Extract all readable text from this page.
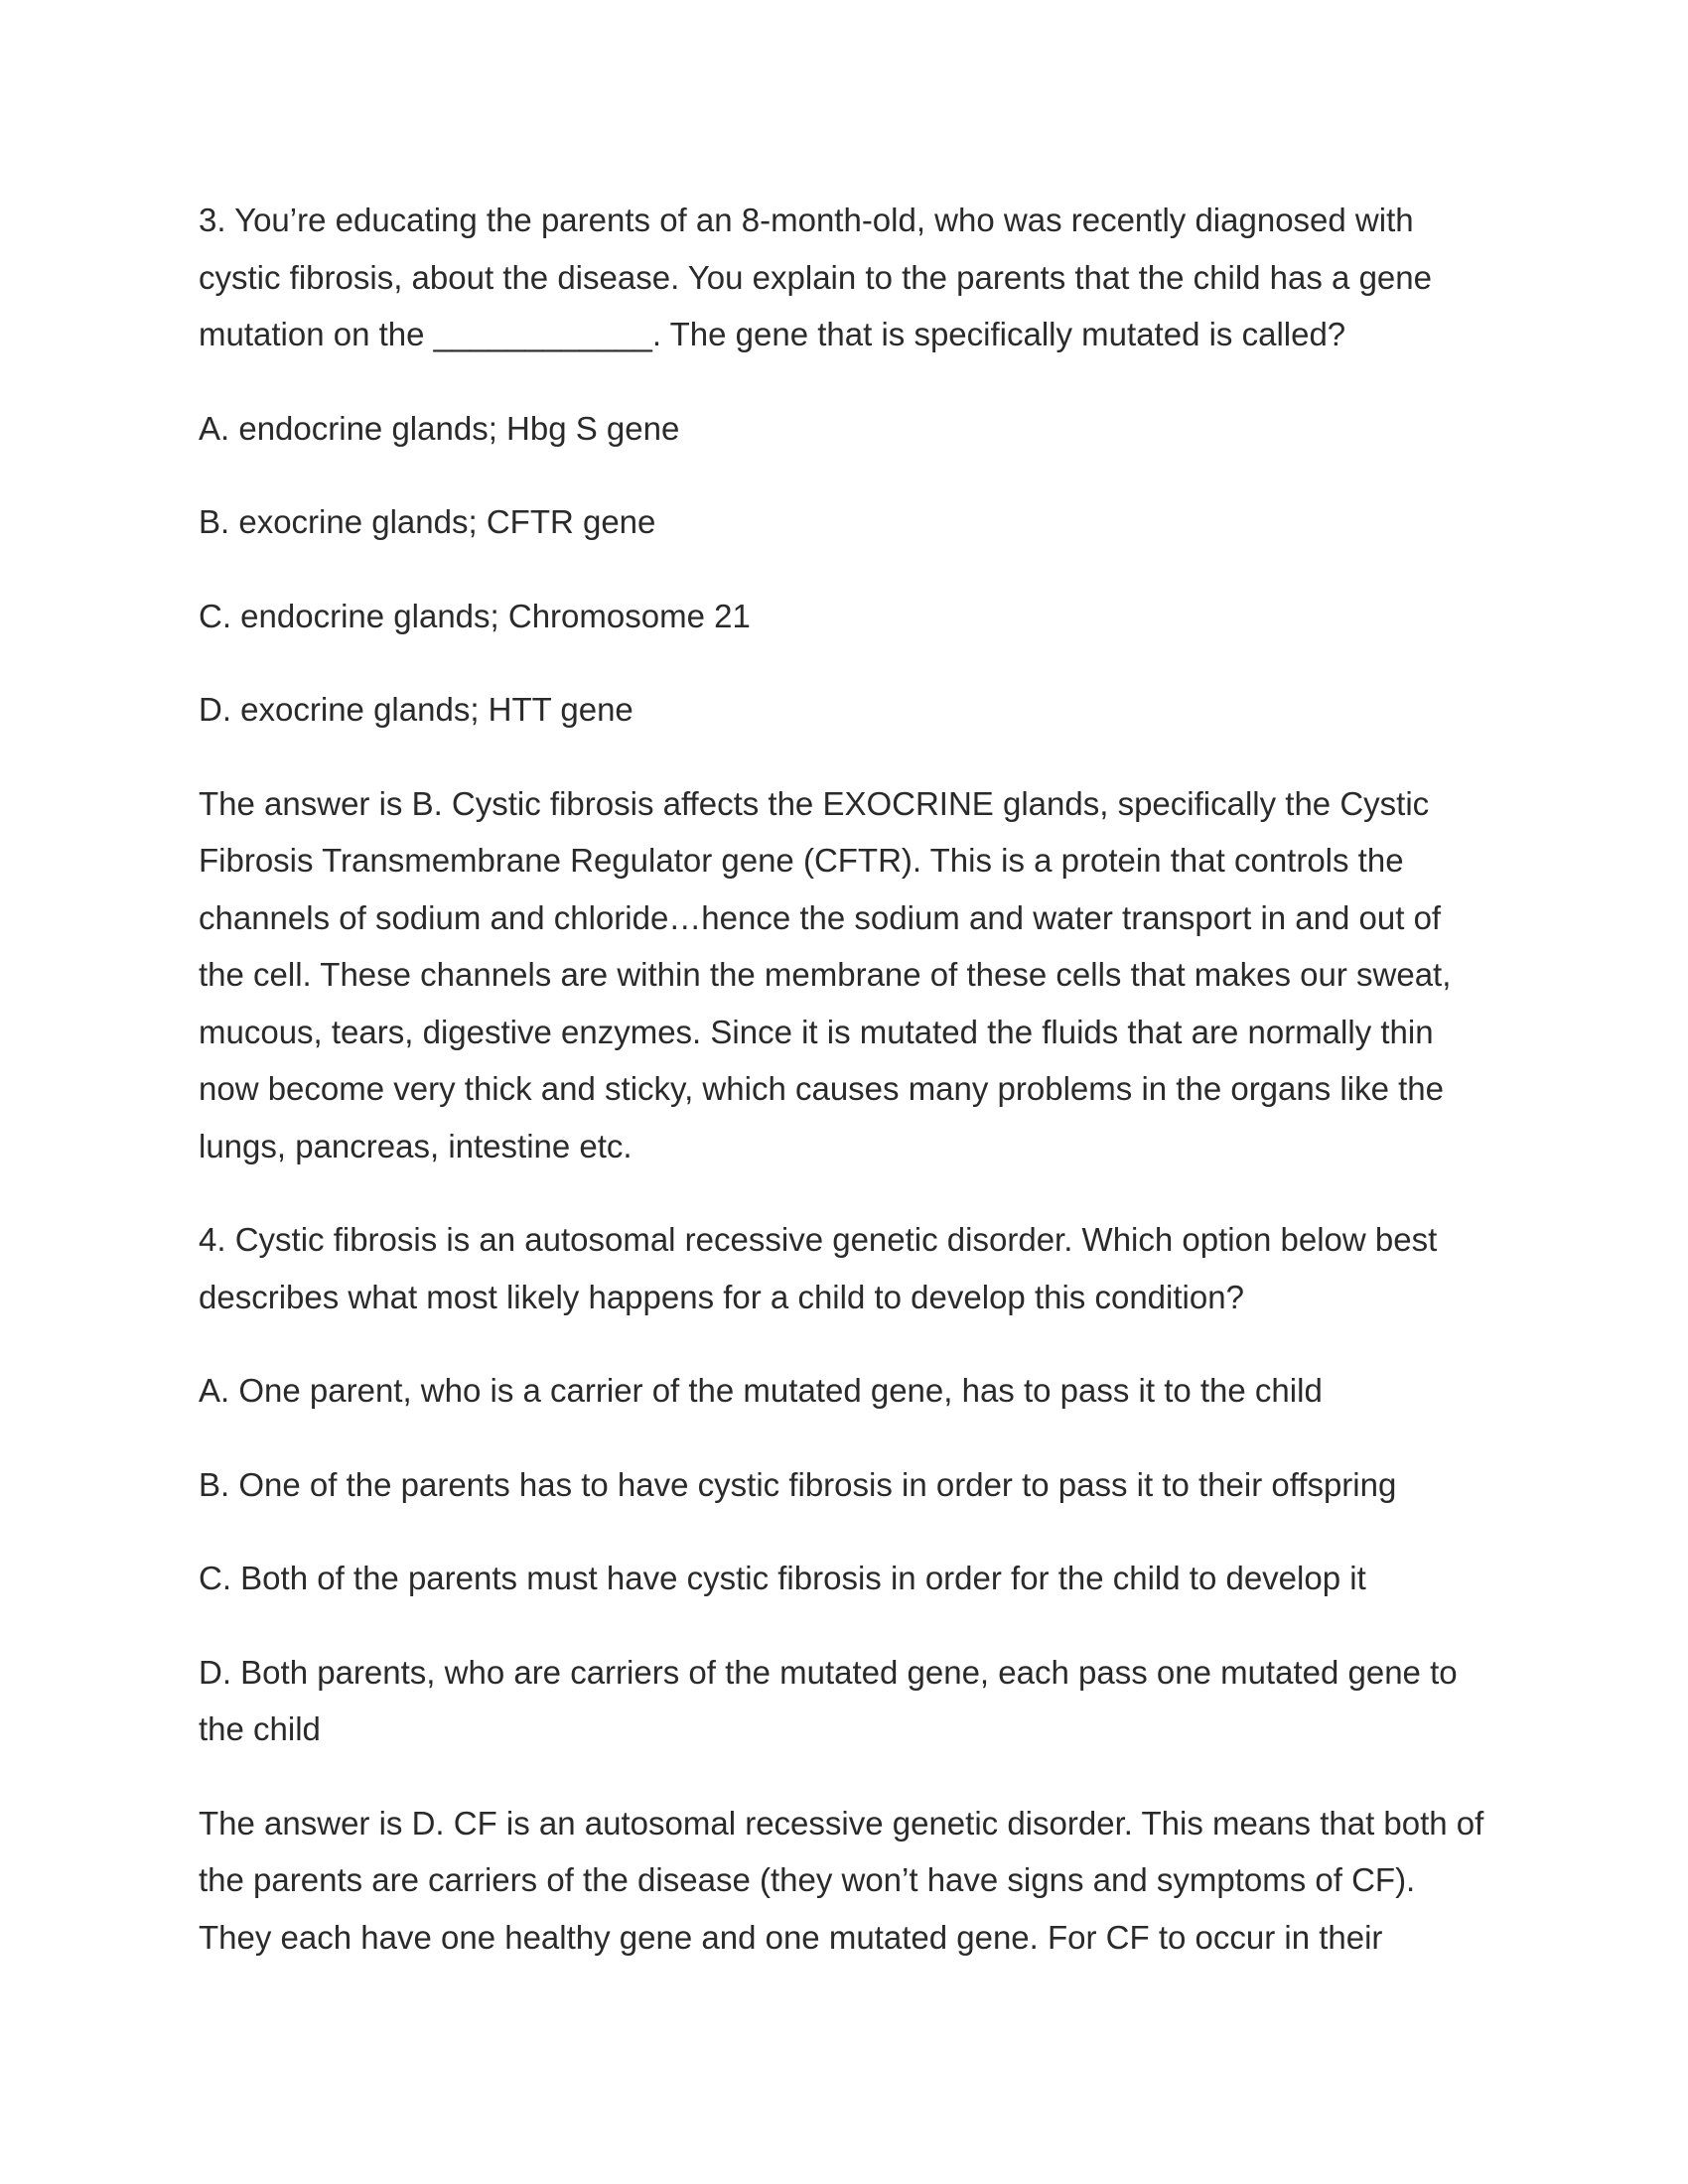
3. You’re educating the parents of an 8-month-old, who was recently diagnosed with cystic fibrosis, about the disease. You explain to the parents that the child has a gene mutation on the ____________. The gene that is specifically mutated is called?

A. endocrine glands; Hbg S gene

B. exocrine glands; CFTR gene

C. endocrine glands; Chromosome 21

D. exocrine glands; HTT gene

The answer is B. Cystic fibrosis affects the EXOCRINE glands, specifically the Cystic Fibrosis Transmembrane Regulator gene (CFTR). This is a protein that controls the channels of sodium and chloride…hence the sodium and water transport in and out of the cell. These channels are within the membrane of these cells that makes our sweat, mucous, tears, digestive enzymes. Since it is mutated the fluids that are normally thin now become very thick and sticky, which causes many problems in the organs like the lungs, pancreas, intestine etc.

4. Cystic fibrosis is an autosomal recessive genetic disorder. Which option below best describes what most likely happens for a child to develop this condition?

A. One parent, who is a carrier of the mutated gene, has to pass it to the child

B. One of the parents has to have cystic fibrosis in order to pass it to their offspring

C. Both of the parents must have cystic fibrosis in order for the child to develop it

D. Both parents, who are carriers of the mutated gene, each pass one mutated gene to the child

The answer is D. CF is an autosomal recessive genetic disorder. This means that both of the parents are carriers of the disease (they won’t have signs and symptoms of CF). They each have one healthy gene and one mutated gene. For CF to occur in their
